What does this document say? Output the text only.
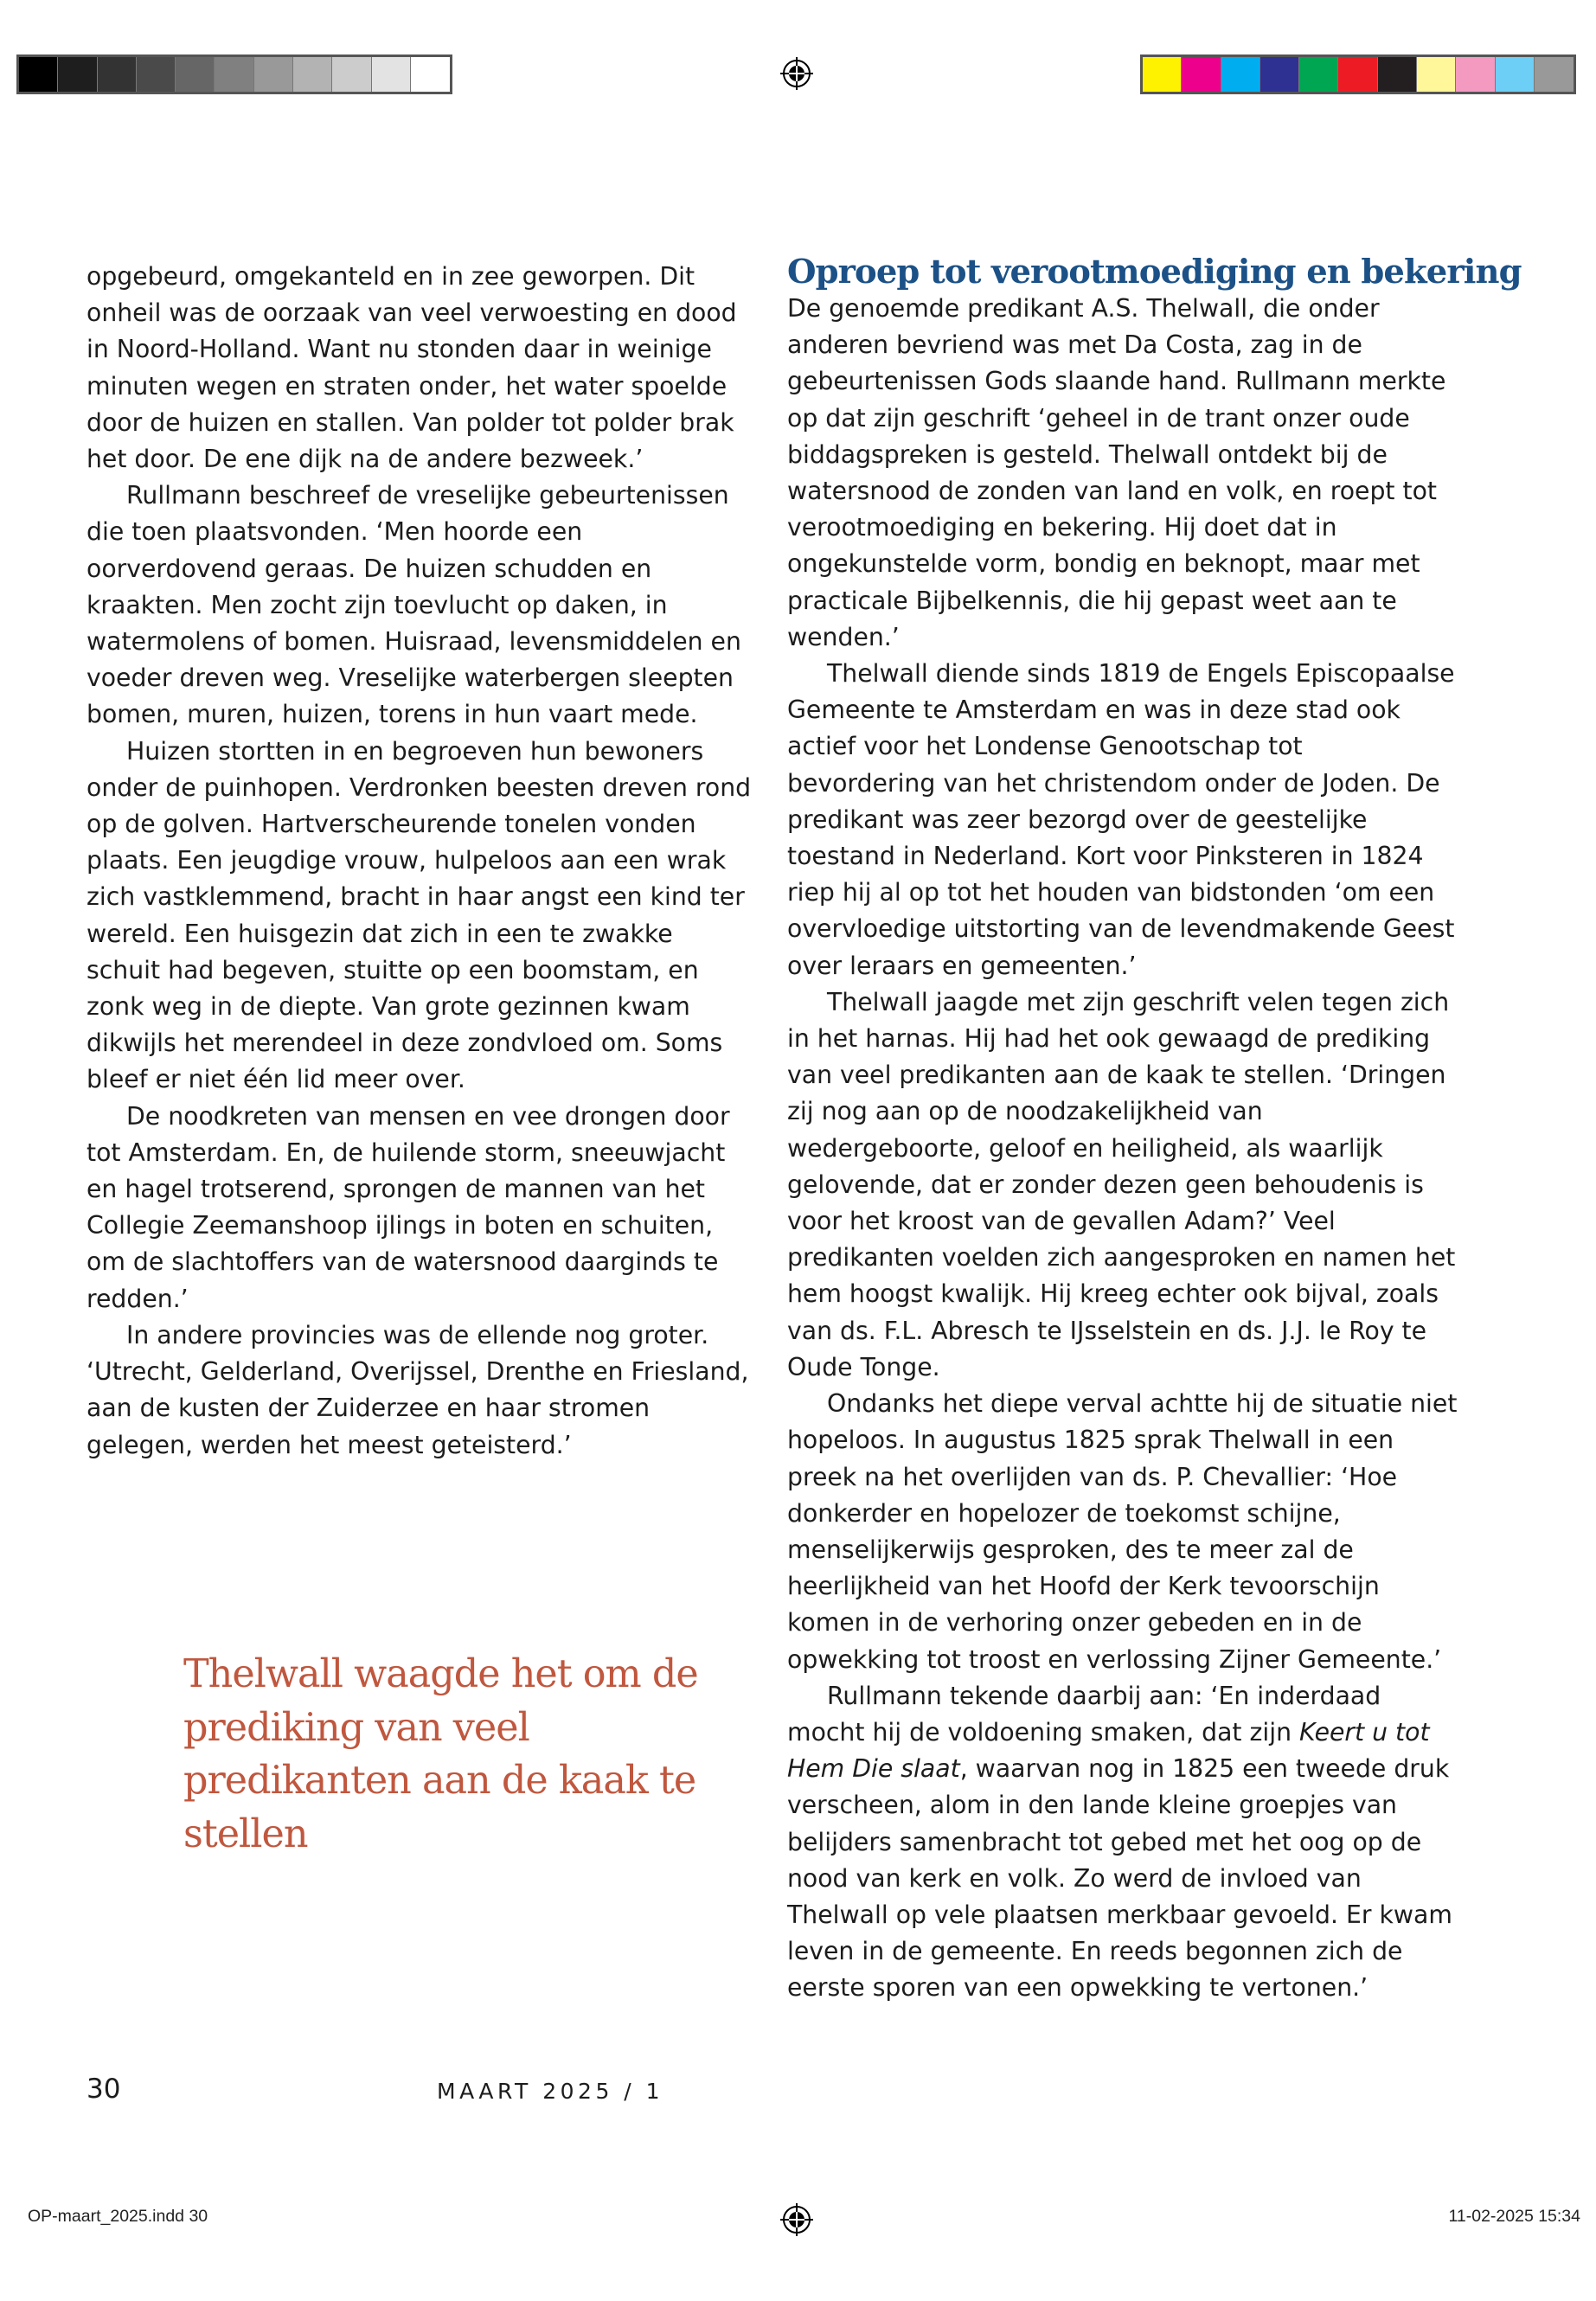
opgebeurd, omgekanteld en in zee geworpen. Dit onheil was de oorzaak van veel verwoesting en dood in Noord-Holland. Want nu stonden daar in weinige minuten wegen en straten onder, het water spoelde door de huizen en stallen. Van polder tot polder brak het door. De ene dijk na de andere bezweek.’

Rullmann beschreef de vreselijke gebeurtenissen die toen plaatsvonden. ‘Men hoorde een oorverdovend geraas. De huizen schudden en kraakten. Men zocht zijn toevlucht op daken, in watermolens of bomen. Huisraad, levensmiddelen en voeder dreven weg. Vreselijke waterbergen sleepten bomen, muren, huizen, torens in hun vaart mede.

Huizen stortten in en begroeven hun bewoners onder de puinhopen. Verdronken beesten dreven rond op de golven. Hartverscheurende tonelen vonden plaats. Een jeugdige vrouw, hulpeloos aan een wrak zich vastklemmend, bracht in haar angst een kind ter wereld. Een huisgezin dat zich in een te zwakke schuit had begeven, stuitte op een boomstam, en zonk weg in de diepte. Van grote gezinnen kwam dikwijls het merendeel in deze zondvloed om. Soms bleef er niet één lid meer over.

De noodkreten van mensen en vee drongen door tot Amsterdam. En, de huilende storm, sneeuwjacht en hagel trotserend, sprongen de mannen van het Collegie Zeemanshoop ijlings in boten en schuiten, om de slachtoffers van de watersnood daarginds te redden.’

In andere provincies was de ellende nog groter. ‘Utrecht, Gelderland, Overijssel, Drenthe en Friesland, aan de kusten der Zuiderzee en haar stromen gelegen, werden het meest geteisterd.’

Thelwall waagde het om de prediking van veel predikanten aan de kaak te stellen

Oproep tot verootmoediging en bekering

De genoemde predikant A.S. Thelwall, die onder anderen bevriend was met Da Costa, zag in de gebeurtenissen Gods slaande hand. Rullmann merkte op dat zijn geschrift ‘geheel in de trant onzer oude biddagspreken is gesteld. Thelwall ontdekt bij de watersnood de zonden van land en volk, en roept tot verootmoediging en bekering. Hij doet dat in ongekunstelde vorm, bondig en beknopt, maar met practicale Bijbelkennis, die hij gepast weet aan te wenden.’

Thelwall diende sinds 1819 de Engels Episcopaalse Gemeente te Amsterdam en was in deze stad ook actief voor het Londense Genootschap tot bevordering van het christendom onder de Joden. De predikant was zeer bezorgd over de geestelijke toestand in Nederland. Kort voor Pinksteren in 1824 riep hij al op tot het houden van bidstonden ‘om een overvloedige uitstorting van de levendmakende Geest over leraars en gemeenten.’

Thelwall jaagde met zijn geschrift velen tegen zich in het harnas. Hij had het ook gewaagd de prediking van veel predikanten aan de kaak te stellen. ‘Dringen zij nog aan op de noodzakelijkheid van wedergeboorte, geloof en heiligheid, als waarlijk gelovende, dat er zonder dezen geen behoudenis is voor het kroost van de gevallen Adam?’ Veel predikanten voelden zich aangesproken en namen het hem hoogst kwalijk. Hij kreeg echter ook bijval, zoals van ds. F.L. Abresch te IJsselstein en ds. J.J. le Roy te Oude Tonge.

Ondanks het diepe verval achtte hij de situatie niet hopeloos. In augustus 1825 sprak Thelwall in een preek na het overlijden van ds. P. Chevallier: ‘Hoe donkerder en hopelozer de toekomst schijne, menselijkerwijs gesproken, des te meer zal de heerlijkheid van het Hoofd der Kerk tevoorschijn komen in de verhoring onzer gebeden en in de opwekking tot troost en verlossing Zijner Gemeente.’

Rullmann tekende daarbij aan: ‘En inderdaad mocht hij de voldoening smaken, dat zijn Keert u tot Hem Die slaat, waarvan nog in 1825 een tweede druk verscheen, alom in den lande kleine groepjes van belijders samenbracht tot gebed met het oog op de nood van kerk en volk. Zo werd de invloed van Thelwall op vele plaatsen merkbaar gevoeld. Er kwam leven in de gemeente. En reeds begonnen zich de eerste sporen van een opwekking te vertonen.’

30	MAART 2025 / 1

OP-maart_2025.indd 30	11-02-2025 15:34
